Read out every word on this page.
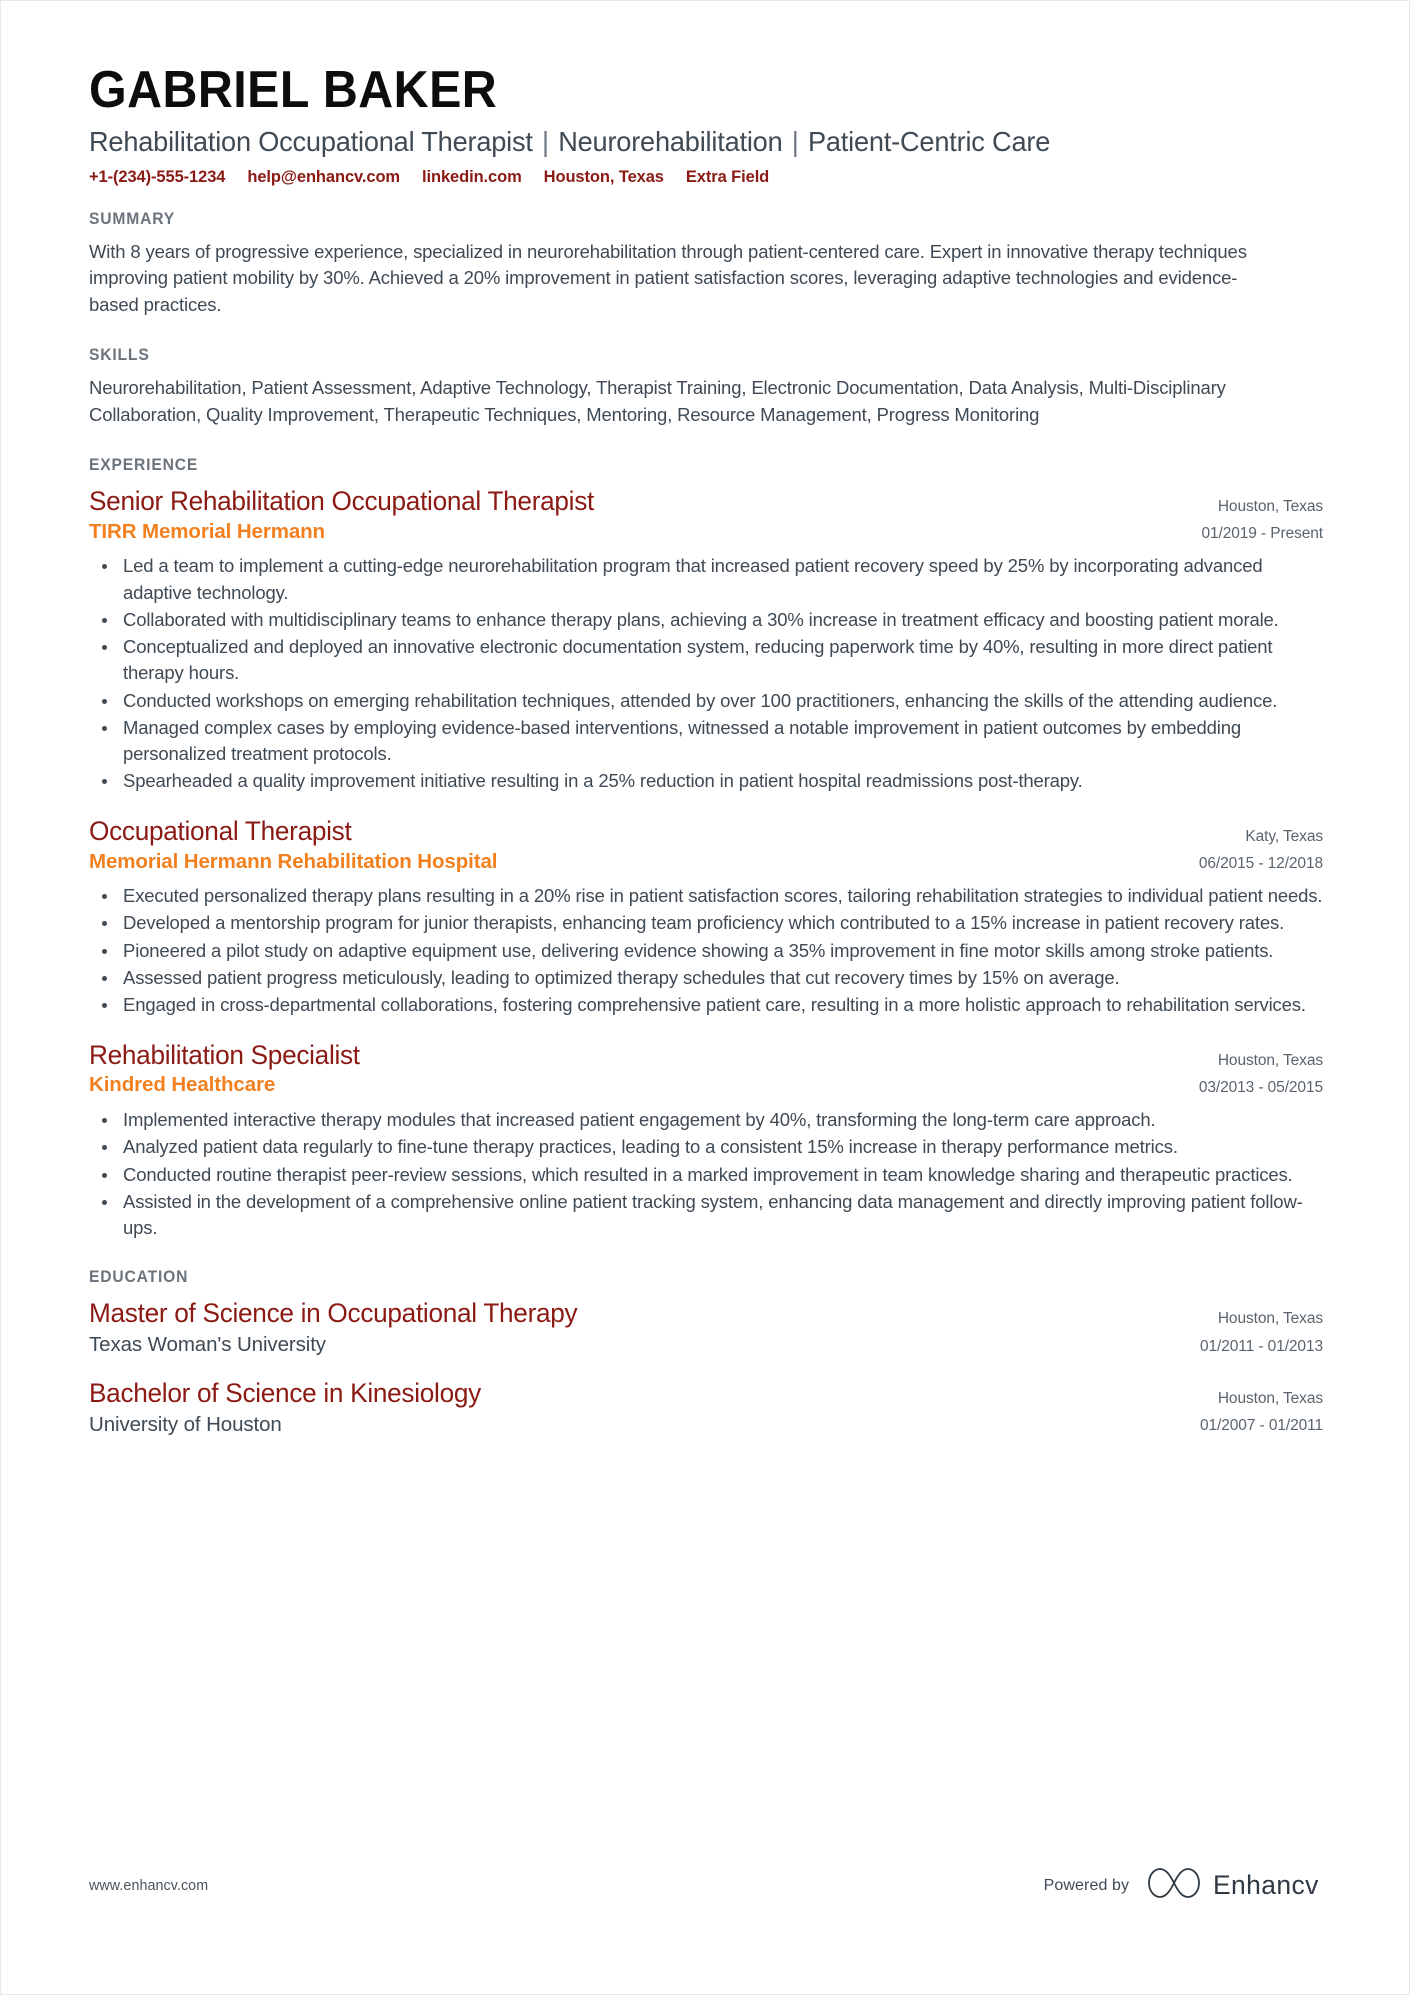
GABRIEL BAKER
Rehabilitation Occupational Therapist | Neurorehabilitation | Patient-Centric Care
+1-(234)-555-1234 help@enhancv.com linkedin.com Houston, Texas Extra Field
SUMMARY
With 8 years of progressive experience, specialized in neurorehabilitation through patient-centered care. Expert in innovative therapy techniques improving patient mobility by 30%. Achieved a 20% improvement in patient satisfaction scores, leveraging adaptive technologies and evidence-based practices.
SKILLS
Neurorehabilitation, Patient Assessment, Adaptive Technology, Therapist Training, Electronic Documentation, Data Analysis, Multi-Disciplinary Collaboration, Quality Improvement, Therapeutic Techniques, Mentoring, Resource Management, Progress Monitoring
EXPERIENCE
Senior Rehabilitation Occupational Therapist
TIRR Memorial Hermann
Houston, Texas
01/2019 - Present
Led a team to implement a cutting-edge neurorehabilitation program that increased patient recovery speed by 25% by incorporating advanced adaptive technology.
Collaborated with multidisciplinary teams to enhance therapy plans, achieving a 30% increase in treatment efficacy and boosting patient morale.
Conceptualized and deployed an innovative electronic documentation system, reducing paperwork time by 40%, resulting in more direct patient therapy hours.
Conducted workshops on emerging rehabilitation techniques, attended by over 100 practitioners, enhancing the skills of the attending audience.
Managed complex cases by employing evidence-based interventions, witnessed a notable improvement in patient outcomes by embedding personalized treatment protocols.
Spearheaded a quality improvement initiative resulting in a 25% reduction in patient hospital readmissions post-therapy.
Occupational Therapist
Memorial Hermann Rehabilitation Hospital
Katy, Texas
06/2015 - 12/2018
Executed personalized therapy plans resulting in a 20% rise in patient satisfaction scores, tailoring rehabilitation strategies to individual patient needs.
Developed a mentorship program for junior therapists, enhancing team proficiency which contributed to a 15% increase in patient recovery rates.
Pioneered a pilot study on adaptive equipment use, delivering evidence showing a 35% improvement in fine motor skills among stroke patients.
Assessed patient progress meticulously, leading to optimized therapy schedules that cut recovery times by 15% on average.
Engaged in cross-departmental collaborations, fostering comprehensive patient care, resulting in a more holistic approach to rehabilitation services.
Rehabilitation Specialist
Kindred Healthcare
Houston, Texas
03/2013 - 05/2015
Implemented interactive therapy modules that increased patient engagement by 40%, transforming the long-term care approach.
Analyzed patient data regularly to fine-tune therapy practices, leading to a consistent 15% increase in therapy performance metrics.
Conducted routine therapist peer-review sessions, which resulted in a marked improvement in team knowledge sharing and therapeutic practices.
Assisted in the development of a comprehensive online patient tracking system, enhancing data management and directly improving patient follow-ups.
EDUCATION
Master of Science in Occupational Therapy
Texas Woman's University
Houston, Texas
01/2011 - 01/2013
Bachelor of Science in Kinesiology
University of Houston
Houston, Texas
01/2007 - 01/2011
www.enhancv.com	Powered by	Enhancv
